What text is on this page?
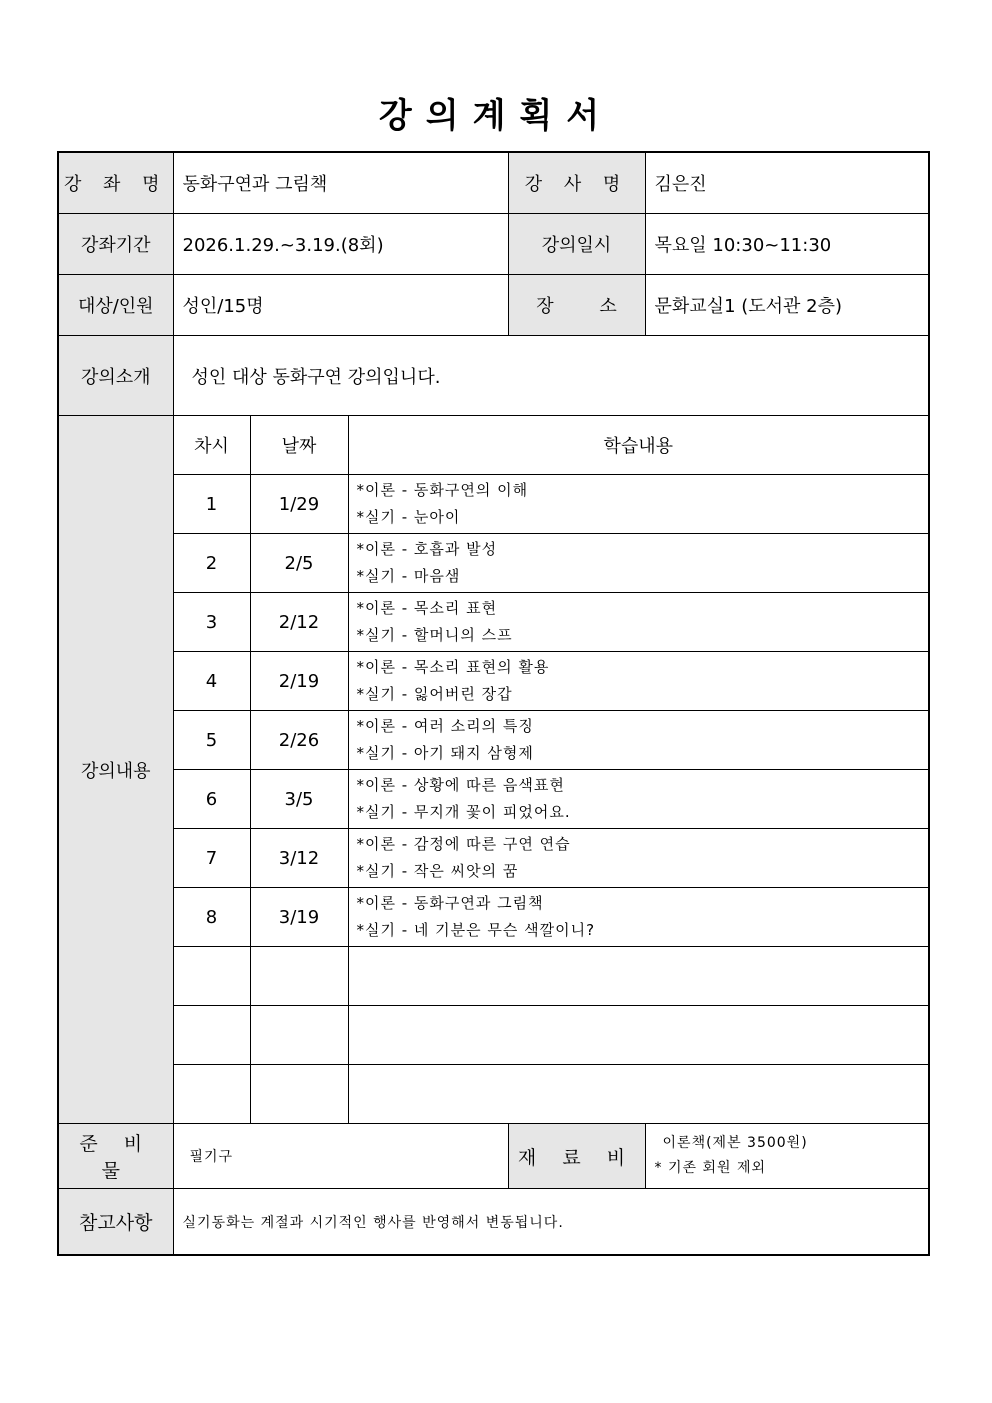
강의계획서
강 좌 명	동화구연과 그림책			강 사 명	김은진
강좌기간	2026.1.29.~3.19.(8회)			강의일시	목요일 10:30~11:30
대상/인원	성인/15명			장        소	문화교실1 (도서관 2층)
강의소개	성인 대상 동화구연 강의입니다.				
강의내용	차시	날짜	학습내용		
	1	1/29	*이론 - 동화구연의 이해
*실기 - 눈아이		

	2	2/5	*이론 - 호흡과 발성
*실기 - 마음샘		

	3	2/12	*이론 - 목소리 표현
*실기 - 할머니의 스프		

	4	2/19	*이론 - 목소리 표현의 활용
*실기 - 잃어버린 장갑		

	5	2/26	*이론 - 여러 소리의 특징
*실기 - 아기 돼지 삼형제		

	6	3/5	*이론 - 상황에 따른 음색표현
*실기 - 무지개 꽃이 피었어요.		

	7	3/12	*이론 - 감정에 따른 구연 연습
*실기 - 작은 씨앗의 꿈		

	8	3/19	*이론 - 동화구연과 그림책
*실기 - 네 기분은 무슨 색깔이니?		

준 비 물	필기구			재 료 비	이론책(제본 3500원)
* 기존 회원 제외

참고사항	실기동화는 계절과 시기적인 행사를 반영해서 변동됩니다.				
